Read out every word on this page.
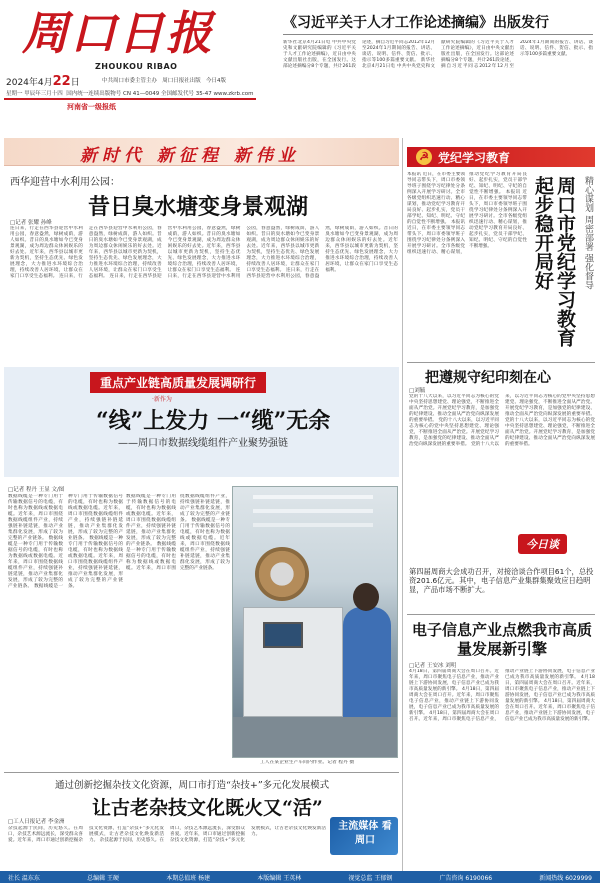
周口日报
ZHOUKOU RIBAO
2024年4月22日	中共周口市委主管主办 周口日报社出版 今日4版
星期一 甲辰年三月十四 国内统一连续出版物号 CN 41—0049 全国邮发代号 35-47 www.zkrb.com
河南省一级报纸
《习近平关于人才工作论述摘编》出版发行
新华社北京4月21日电 中共中央党史和文献研究院编辑的《习近平关于人才工作论述摘编》，近日由中央文献出版社出版，在全国发行。这部论述摘编分8个专题，共计261段论述，摘自习近平同志2012年12月至2024年1月期间的报告、讲话、谈话、说明、信件、贺信、批示、指示等100多篇重要文献。 新华社北京4月21日电 中共中央党史和文献研究院编辑的《习近平关于人才工作论述摘编》，近日由中央文献出版社出版，在全国发行。这部论述摘编分8个专题，共计261段论述，摘自习近平同志2012年12月至2024年1月期间的报告、讲话、谈话、说明、信件、贺信、批示、指示等100多篇重要文献。
新时代 新征程 新伟业
西华迎营中水利用公园：
昔日臭水塘变身景观湖
□记者 张耀 孙峰
连日来，行走在西华县迎营中水利用公园，春意盎然，绿树成荫，游人如织。昔日的臭水塘如今已变身景观湖，成为周边群众休闲娱乐的好去处。近年来，西华县以城市更新为契机，坚持生态优先、绿色发展理念，大力推进水环境综合治理，持续改善人居环境，让群众在家门口享受生态福利。 连日来，行走在西华县迎营中水利用公园，春意盎然，绿树成荫，游人如织。昔日的臭水塘如今已变身景观湖，成为周边群众休闲娱乐的好去处。近年来，西华县以城市更新为契机，坚持生态优先、绿色发展理念，大力推进水环境综合治理，持续改善人居环境，让群众在家门口享受生态福利。 连日来，行走在西华县迎营中水利用公园，春意盎然，绿树成荫，游人如织。昔日的臭水塘如今已变身景观湖，成为周边群众休闲娱乐的好去处。近年来，西华县以城市更新为契机，坚持生态优先、绿色发展理念，大力推进水环境综合治理，持续改善人居环境，让群众在家门口享受生态福利。 连日来，行走在西华县迎营中水利用公园，春意盎然，绿树成荫，游人如织。昔日的臭水塘如今已变身景观湖，成为周边群众休闲娱乐的好去处。近年来，西华县以城市更新为契机，坚持生态优先、绿色发展理念，大力推进水环境综合治理，持续改善人居环境，让群众在家门口享受生态福利。 连日来，行走在西华县迎营中水利用公园，春意盎然，绿树成荫，游人如织。昔日的臭水塘如今已变身景观湖，成为周边群众休闲娱乐的好去处。近年来，西华县以城市更新为契机，坚持生态优先、绿色发展理念，大力推进水环境综合治理，持续改善人居环境，让群众在家门口享受生态福利。
☭ 党纪学习教育
本报讯 近日，在市委主要领导同志带头下，周口市委领导班子围绕学习纪律处分条例深入开展学习研讨。全市各级党组织迅速行动、精心谋划，推动党纪学习教育开局良好、起步扎实，党员干部学纪、知纪、明纪、守纪的自觉性不断增强。 本报讯 近日，在市委主要领导同志带头下，周口市委领导班子围绕学习纪律处分条例深入开展学习研讨。全市各级党组织迅速行动、精心谋划，推动党纪学习教育开局良好、起步扎实，党员干部学纪、知纪、明纪、守纪的自觉性不断增强。 本报讯 近日，在市委主要领导同志带头下，周口市委领导班子围绕学习纪律处分条例深入开展学习研讨。全市各级党组织迅速行动、精心谋划，推动党纪学习教育开局良好、起步扎实，党员干部学纪、知纪、明纪、守纪的自觉性不断增强。	周口市党纪学习教育起步稳开局好	精心谋划 周密部署 强化督导
把遵规守纪印刻在心
□刘毓
党的十八大以来，以习近平同志为核心的党中央坚持思想建党、理论强党，不断推进全面从严治党。开展党纪学习教育，是加强党的纪律建设、推动全面从严治党向纵深发展的重要举措。 党的十八大以来，以习近平同志为核心的党中央坚持思想建党、理论强党，不断推进全面从严治党。开展党纪学习教育，是加强党的纪律建设、推动全面从严治党向纵深发展的重要举措。 党的十八大以来，以习近平同志为核心的党中央坚持思想建党、理论强党，不断推进全面从严治党。开展党纪学习教育，是加强党的纪律建设、推动全面从严治党向纵深发展的重要举措。 党的十八大以来，以习近平同志为核心的党中央坚持思想建党、理论强党，不断推进全面从严治党。开展党纪学习教育，是加强党的纪律建设、推动全面从严治党向纵深发展的重要举措。
今日谈
第四届周商大会成功召开，对接洽谈合作项目61个，总投资201.6亿元。其中，电子信息产业集群集聚效应日趋明显，产品市场不断扩大。
电子信息产业点燃我市高质量发展新引擎
□记者 王安冰 刘明
4月18日，第四届周商大会在周口召开。近年来，周口市聚焦电子信息产业，推动产业链上下游协同发展，电子信息产业已成为我市高质量发展的新引擎。 4月18日，第四届周商大会在周口召开。近年来，周口市聚焦电子信息产业，推动产业链上下游协同发展，电子信息产业已成为我市高质量发展的新引擎。 4月18日，第四届周商大会在周口召开。近年来，周口市聚焦电子信息产业，推动产业链上下游协同发展，电子信息产业已成为我市高质量发展的新引擎。 4月18日，第四届周商大会在周口召开。近年来，周口市聚焦电子信息产业，推动产业链上下游协同发展，电子信息产业已成为我市高质量发展的新引擎。 4月18日，第四届周商大会在周口召开。近年来，周口市聚焦电子信息产业，推动产业链上下游协同发展，电子信息产业已成为我市高质量发展的新引擎。
重点产业链高质量发展调研行
·新作为
“线”上发力 一“缆”无余
——周口市数据线缆组件产业聚势强链
□记者 程丹 王显 文/图
数据线缆是一种专门用于传输数据信号的电缆，有时也称为数据线或数据电缆。近年来，周口市围绕数据线缆组件产业，持续强链补链延链，推动产业集群化发展，形成了较为完整的产业链条。 数据线缆是一种专门用于传输数据信号的电缆，有时也称为数据线或数据电缆。近年来，周口市围绕数据线缆组件产业，持续强链补链延链，推动产业集群化发展，形成了较为完整的产业链条。 数据线缆是一种专门用于传输数据信号的电缆，有时也称为数据线或数据电缆。近年来，周口市围绕数据线缆组件产业，持续强链补链延链，推动产业集群化发展，形成了较为完整的产业链条。 数据线缆是一种专门用于传输数据信号的电缆，有时也称为数据线或数据电缆。近年来，周口市围绕数据线缆组件产业，持续强链补链延链，推动产业集群化发展，形成了较为完整的产业链条。
数据线缆是一种专门用于传输数据信号的电缆，有时也称为数据线或数据电缆。近年来，周口市围绕数据线缆组件产业，持续强链补链延链，推动产业集群化发展，形成了较为完整的产业链条。 数据线缆是一种专门用于传输数据信号的电缆，有时也称为数据线或数据电缆。近年来，周口市围绕数据线缆组件产业，持续强链补链延链，推动产业集群化发展，形成了较为完整的产业链条。 数据线缆是一种专门用于传输数据信号的电缆，有时也称为数据线或数据电缆。近年来，周口市围绕数据线缆组件产业，持续强链补链延链，推动产业集群化发展，形成了较为完整的产业链条。
工人在某企业生产车间内作业。记者 程丹 摄
通过创新挖掘杂技文化资源，周口市打造“杂技+”多元化发展模式
让古老杂技文化既火又“活”
□工人日报记者 李金洲
杂技起源于民间，历史悠久。在周口，杂技艺术源远流长，深受群众喜爱。近年来，周口市通过创新挖掘杂技文化资源，打造“杂技+”多元化发展模式，让古老杂技文化焕发新活力。 杂技起源于民间，历史悠久。在周口，杂技艺术源远流长，深受群众喜爱。近年来，周口市通过创新挖掘杂技文化资源，打造“杂技+”多元化发展模式，让古老杂技文化焕发新活力。
主流媒体 看周口
社长 温东东	总编辑 王硬	本期总值班 杨建	本版编辑 王英林	视觉总监 王郁钢	广告咨询 6190066	新闻热线 6029999
